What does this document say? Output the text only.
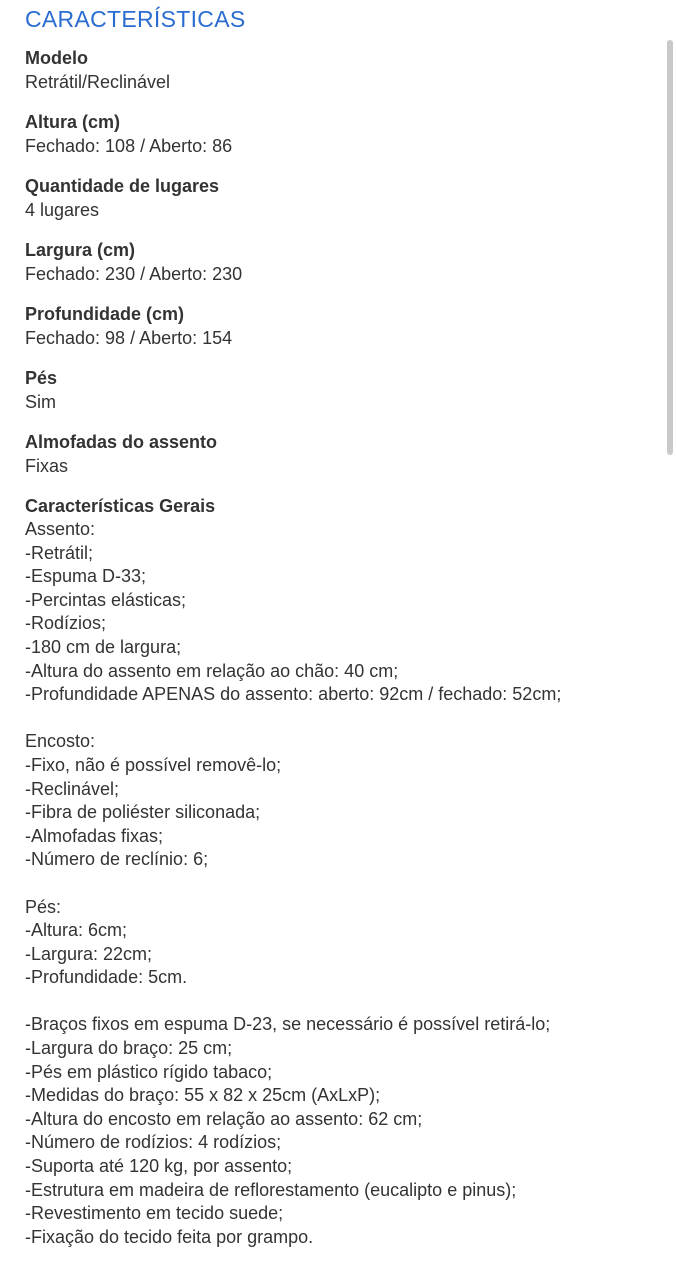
CARACTERÍSTICAS
Modelo
Retrátil/Reclinável
Altura (cm)
Fechado: 108 / Aberto: 86
Quantidade de lugares
4 lugares
Largura (cm)
Fechado: 230 / Aberto: 230
Profundidade (cm)
Fechado: 98 / Aberto: 154
Pés
Sim
Almofadas do assento
Fixas
Características Gerais
Assento:
-Retrátil;
-Espuma D-33;
-Percintas elásticas;
-Rodízios;
-180 cm de largura;
-Altura do assento em relação ao chão: 40 cm;
-Profundidade APENAS do assento: aberto: 92cm / fechado: 52cm;
Encosto:
-Fixo, não é possível removê-lo;
-Reclinável;
-Fibra de poliéster siliconada;
-Almofadas fixas;
-Número de reclínio: 6;
Pés:
-Altura: 6cm;
-Largura: 22cm;
-Profundidade: 5cm.
-Braços fixos em espuma D-23, se necessário é possível retirá-lo;
-Largura do braço: 25 cm;
-Pés em plástico rígido tabaco;
-Medidas do braço: 55 x 82 x 25cm (AxLxP);
-Altura do encosto em relação ao assento: 62 cm;
-Número de rodízios: 4 rodízios;
-Suporta até 120 kg, por assento;
-Estrutura em madeira de reflorestamento (eucalipto e pinus);
-Revestimento em tecido suede;
-Fixação do tecido feita por grampo.
